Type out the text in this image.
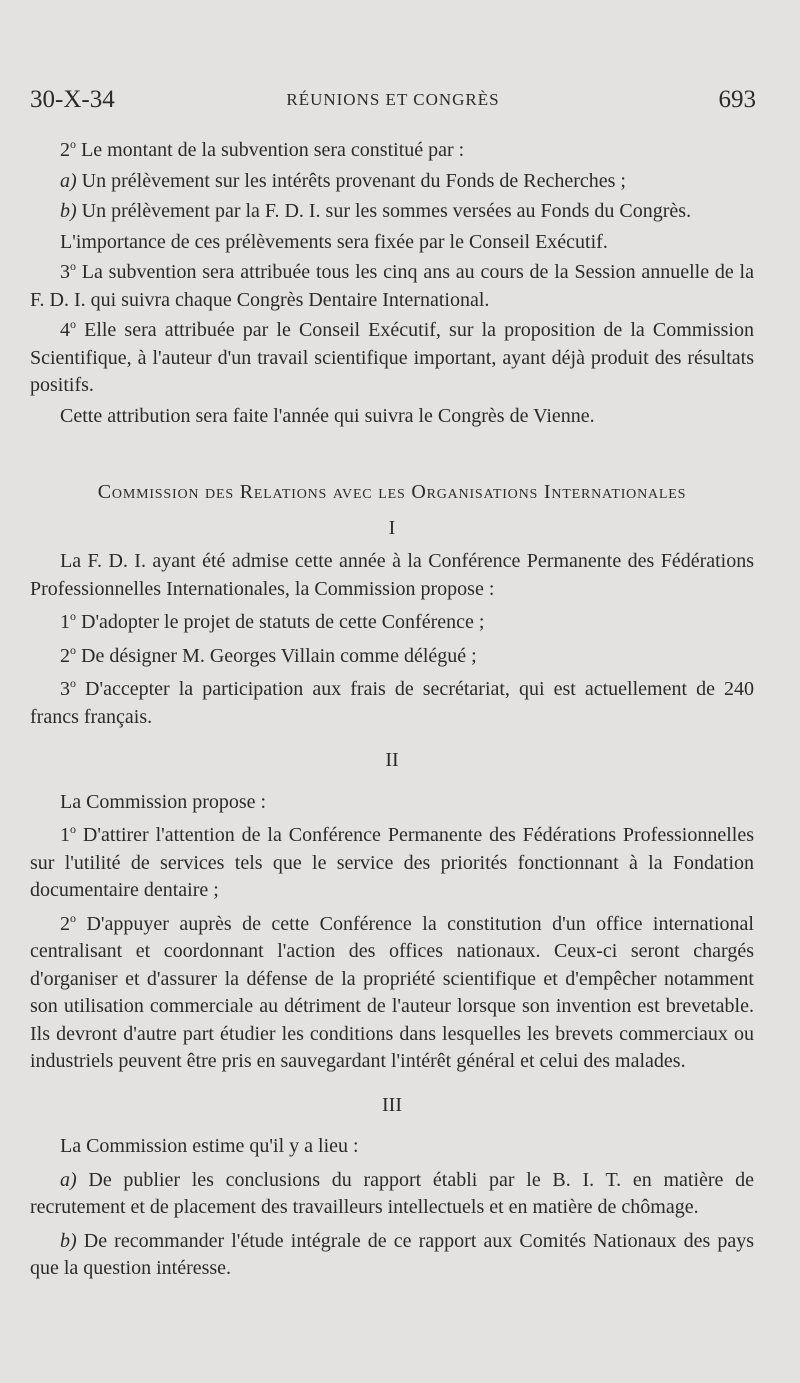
30-X-34	RÉUNIONS ET CONGRÈS	693

2$^o$ Le montant de la subvention sera constitué par :

a) Un prélèvement sur les intérêts provenant du Fonds de Recherches ;

b) Un prélèvement par la F. D. I. sur les sommes versées au Fonds du Congrès.

L'importance de ces prélèvements sera fixée par le Conseil Exécutif.

3$^o$ La subvention sera attribuée tous les cinq ans au cours de la Session annuelle de la F. D. I. qui suivra chaque Congrès Dentaire International.

4$^o$ Elle sera attribuée par le Conseil Exécutif, sur la proposition de la Commission Scientifique, à l'auteur d'un travail scientifique important, ayant déjà produit des résultats positifs.

Cette attribution sera faite l'année qui suivra le Congrès de Vienne.

Commission des Relations avec les Organisations Internationales
I

La F. D. I. ayant été admise cette année à la Conférence Permanente des Fédérations Professionnelles Internationales, la Commission propose :

1$^o$ D'adopter le projet de statuts de cette Conférence ;

2$^o$ De désigner M. Georges Villain comme délégué ;

3$^o$ D'accepter la participation aux frais de secrétariat, qui est actuellement de 240 francs français.

II

La Commission propose :

1$^o$ D'attirer l'attention de la Conférence Permanente des Fédérations Professionnelles sur l'utilité de services tels que le service des priorités fonctionnant à la Fondation documentaire dentaire ;

2$^o$ D'appuyer auprès de cette Conférence la constitution d'un office international centralisant et coordonnant l'action des offices nationaux. Ceux-ci seront chargés d'organiser et d'assurer la défense de la propriété scientifique et d'empêcher notamment son utilisation commerciale au détriment de l'auteur lorsque son invention est brevetable. Ils devront d'autre part étudier les conditions dans lesquelles les brevets commerciaux ou industriels peuvent être pris en sauvegardant l'intérêt général et celui des malades.

III

La Commission estime qu'il y a lieu :

a) De publier les conclusions du rapport établi par le B. I. T. en matière de recrutement et de placement des travailleurs intellectuels et en matière de chômage.

b) De recommander l'étude intégrale de ce rapport aux Comités Nationaux des pays que la question intéresse.
